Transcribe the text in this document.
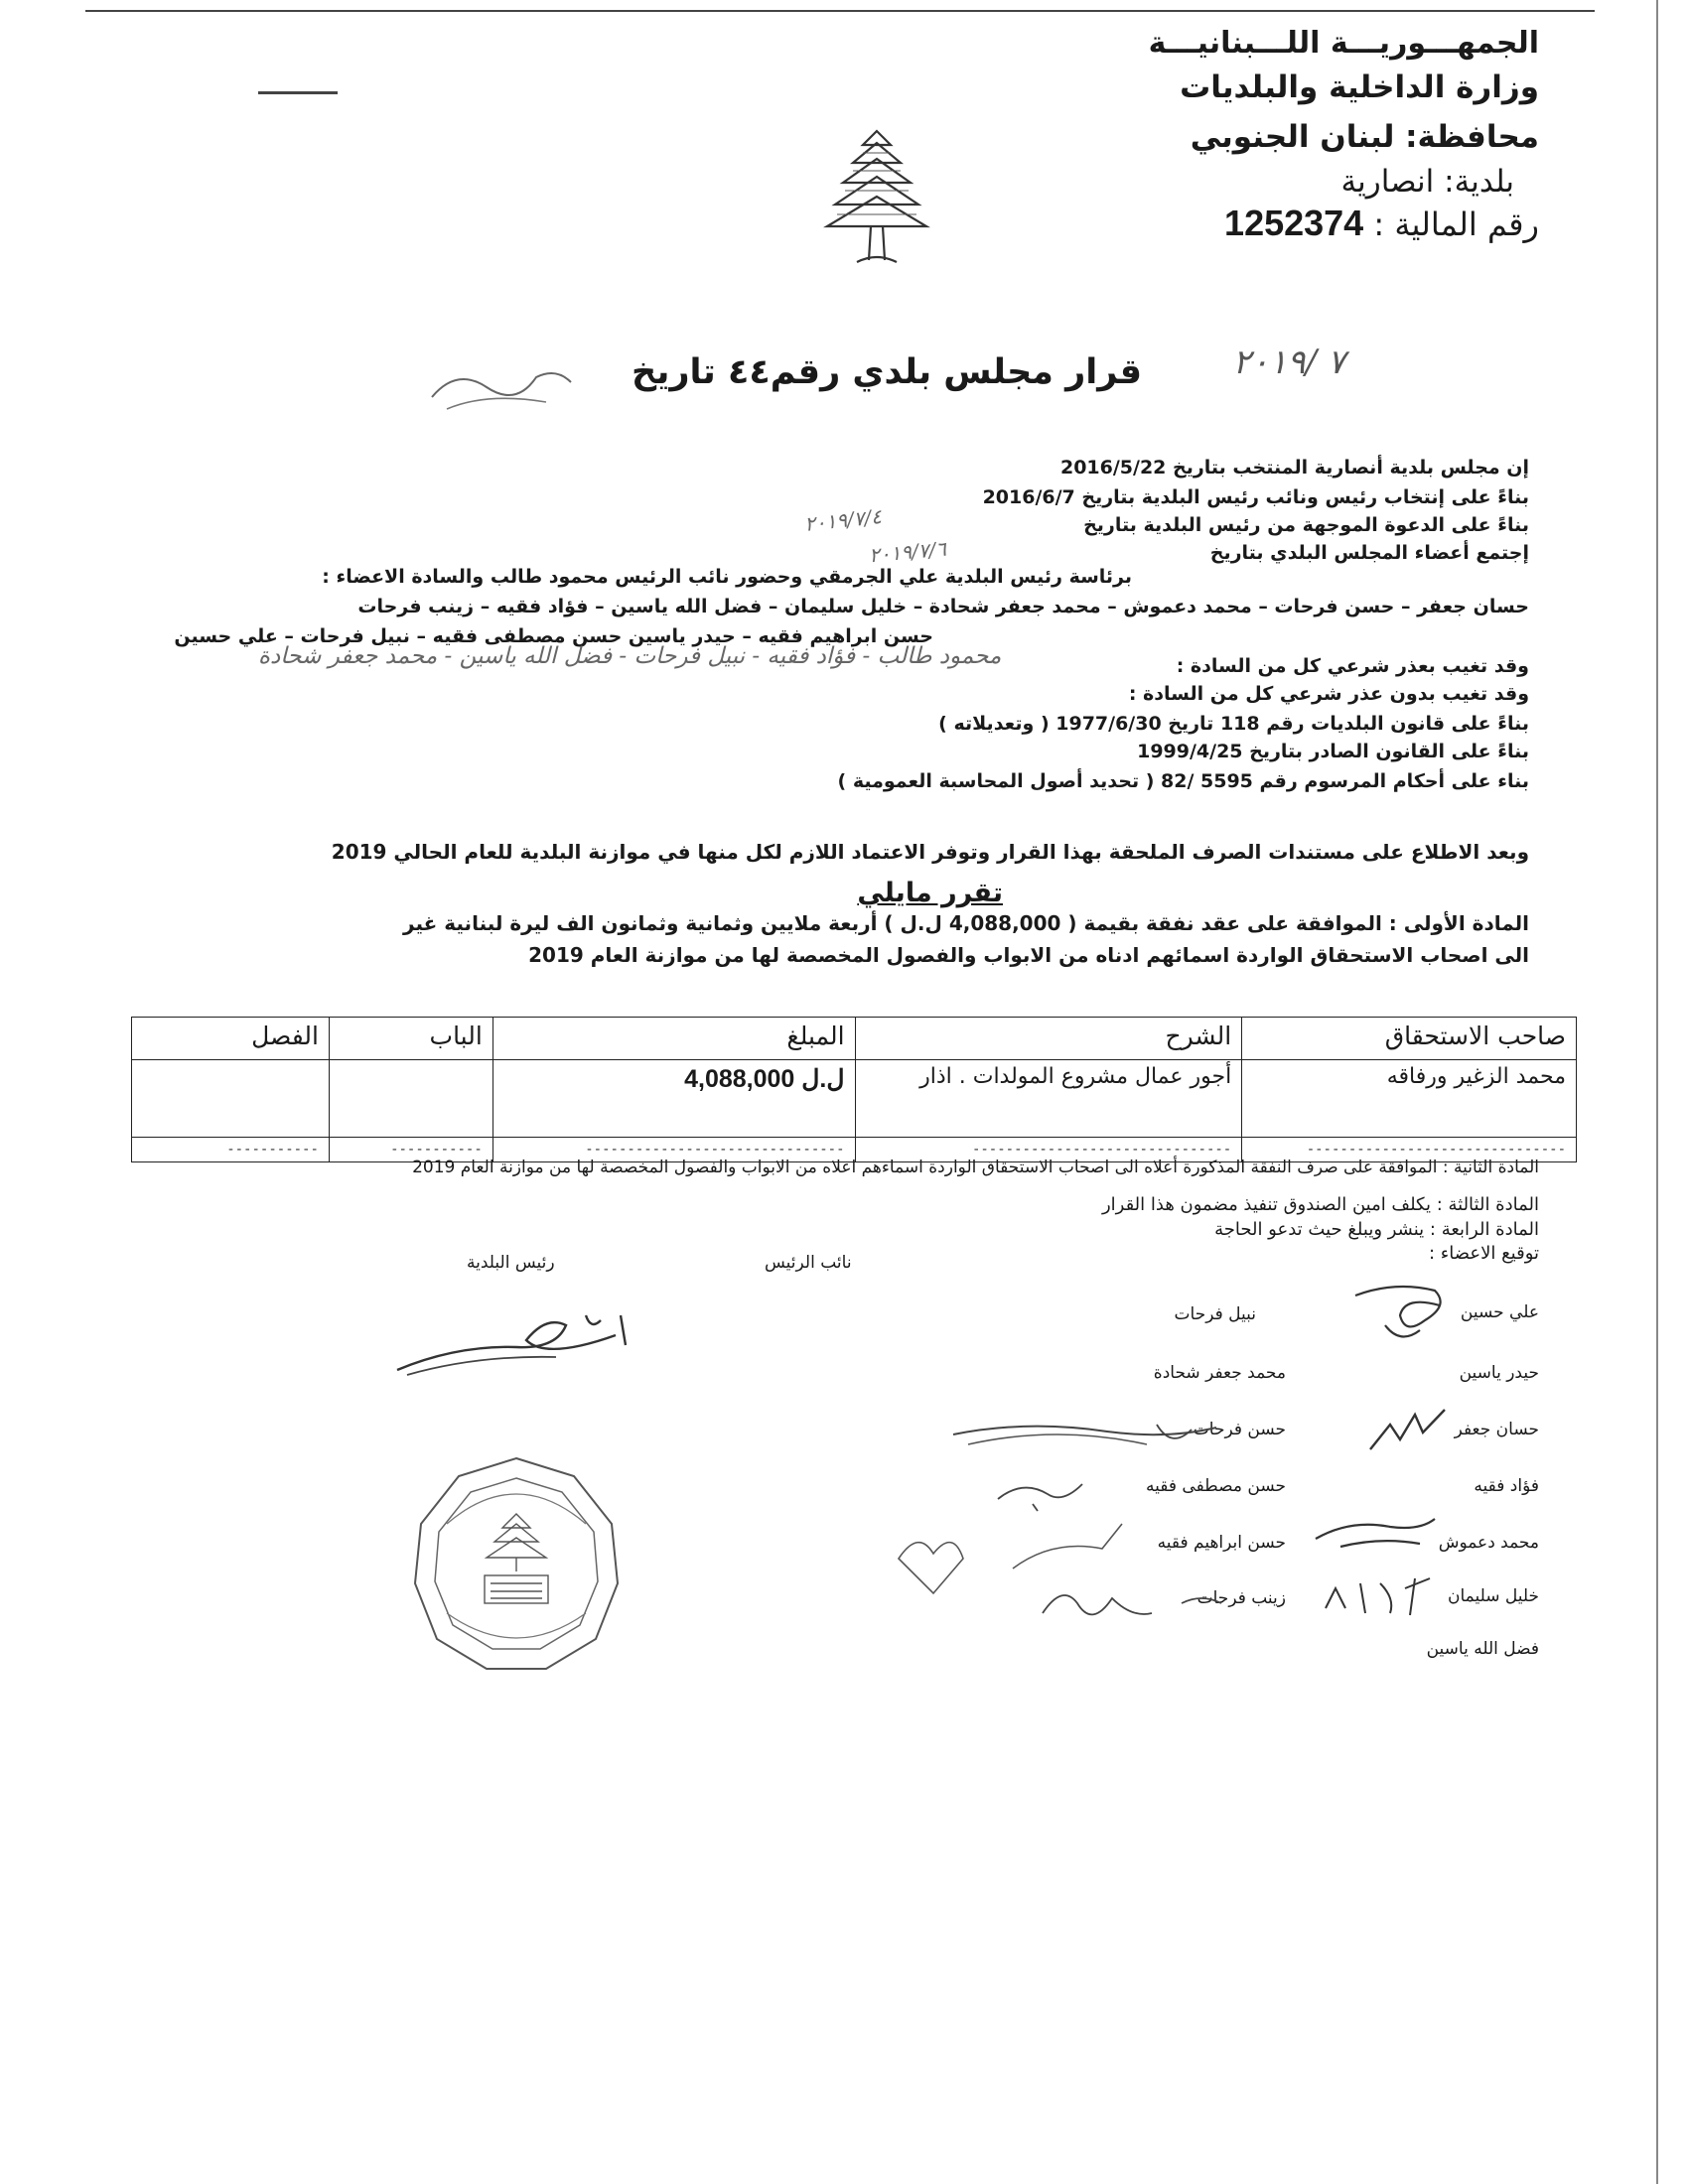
الجمهـــوريـــة اللـــبنانيـــة
وزارة الداخلية والبلديات
محافظة: لبنان الجنوبي
بلدية: انصارية
رقم المالية : 1252374
قرار مجلس بلدي رقم٤٤ تاريخ	٧ /٢٠١٩
إن مجلس بلدية أنصارية المنتخب بتاريخ 2016/5/22
بناءً على إنتخاب رئيس ونائب رئيس البلدية بتاريخ 2016/6/7
بناءً على الدعوة الموجهة من رئيس البلدية بتاريخ
٢٠١٩/٧/٤
إجتمع أعضاء المجلس البلدي بتاريخ
٢٠١٩/٧/٦
برئاسة رئيس البلدية علي الجرمقي وحضور نائب الرئيس محمود طالب والسادة الاعضاء :
حسان جعفر – حسن فرحات – محمد دعموش – محمد جعفر شحادة – خليل سليمان – فضل الله ياسين – فؤاد فقيه – زينب فرحات
حسن ابراهيم فقيه – حيدر ياسين حسن مصطفى فقيه – نبيل فرحات – علي حسين
وقد تغيب بعذر شرعي كل من السادة :
محمود طالب - فؤاد فقيه - نبيل فرحات - فضل الله ياسين - محمد جعفر شحادة
وقد تغيب بدون عذر شرعي كل من السادة :
بناءً على قانون البلديات رقم 118 تاريخ 1977/6/30 ( وتعديلاته )
بناءً على القانون الصادر بتاريخ 1999/4/25
بناء على أحكام المرسوم رقم 5595 /82 ( تحديد أصول المحاسبة العمومية )
وبعد الاطلاع على مستندات الصرف الملحقة بهذا القرار وتوفر الاعتماد اللازم لكل منها في موازنة البلدية للعام الحالي 2019
تقرر مايلي
المادة الأولى : الموافقة على عقد نفقة بقيمة ( 4,088,000 ل.ل ) أربعة ملايين وثمانية وثمانون الف ليرة لبنانية غير
الى اصحاب الاستحقاق الواردة اسمائهم ادناه من الابواب والفصول المخصصة لها من موازنة العام 2019
صاحب الاستحقاق	الشرح	المبلغ	الباب	الفصل
محمد الزغير ورفاقه	أجور عمال مشروع المولدات . اذار	4,088,000 ل.ل		
-------------------------------	-------------------------------	-------------------------------	-----------	-----------
المادة الثانية : الموافقة على صرف النفقة المذكورة أعلاه الى اصحاب الاستحقاق الواردة اسماءهم اعلاه من الابواب والفصول المخصصة لها من موازنة العام 2019
المادة الثالثة : يكلف امين الصندوق تنفيذ مضمون هذا القرار
المادة الرابعة : ينشر ويبلغ حيث تدعو الحاجة
توقيع الاعضاء :
رئيس البلدية	نائب الرئيس
علي حسين
حيدر ياسين
حسان جعفر
فؤاد فقيه
محمد دعموش
خليل سليمان
فضل الله ياسين
نبيل فرحات
محمد جعفر شحادة
حسن فرحات
حسن مصطفى فقيه
حسن ابراهيم فقيه
زينب فرحات
